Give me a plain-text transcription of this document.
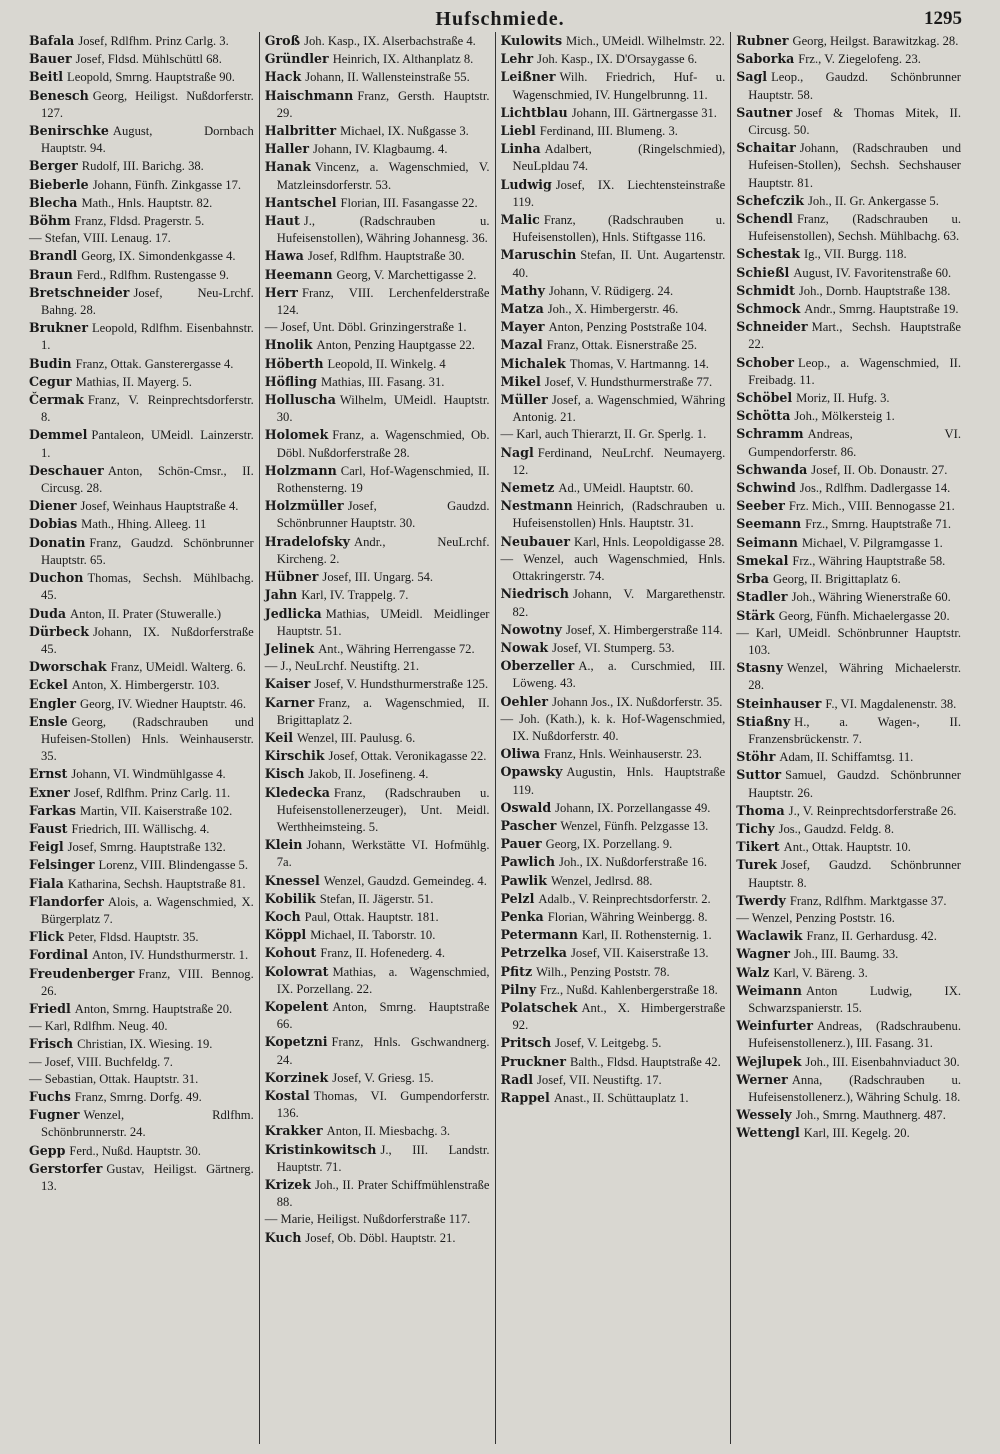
Hufschmiede.	1295
Bafala Josef, Rdlfhm. Prinz Carlg. 3.
Bauer Josef, Fldsd. Mühlschüttl 68.
Beitl Leopold, Smrng. Hauptstraße 90.
Benesch Georg, Heiligst. Nußdorferstr. 127.
Benirschke August, Dornbach Hauptstr. 94.
Berger Rudolf, III. Barichg. 38.
Bieberle Johann, Fünfh. Zinkgasse 17.
Blecha Math., Hnls. Hauptstr. 82.
Böhm Franz, Fldsd. Pragerstr. 5.
— Stefan, VIII. Lenaug. 17.
Brandl Georg, IX. Simondenkgasse 4.
Braun Ferd., Rdlfhm. Rustengasse 9.
Bretschneider Josef, Neu-Lrchf. Bahng. 28.
Brukner Leopold, Rdlfhm. Eisenbahnstr. 1.
Budin Franz, Ottak. Gansterergasse 4.
Cegur Mathias, II. Mayerg. 5.
Čermak Franz, V. Reinprechtsdorferstr. 8.
Demmel Pantaleon, UMeidl. Lainzerstr. 1.
Deschauer Anton, Schön-Cmsr., II. Circusg. 28.
Diener Josef, Weinhaus Hauptstraße 4.
Dobias Math., Hhing. Alleeg. 11
Donatin Franz, Gaudzd. Schönbrunner Hauptstr. 65.
Duchon Thomas, Sechsh. Mühlbachg. 45.
Duda Anton, II. Prater (Stuweralle.)
Dürbeck Johann, IX. Nußdorferstraße 45.
Dworschak Franz, UMeidl. Walterg. 6.
Eckel Anton, X. Himbergerstr. 103.
Engler Georg, IV. Wiedner Hauptstr. 46.
Ensle Georg, (Radschrauben und Hufeisen-Stollen) Hnls. Weinhauserstr. 35.
Ernst Johann, VI. Windmühlgasse 4.
Exner Josef, Rdlfhm. Prinz Carlg. 11.
Farkas Martin, VII. Kaiserstraße 102.
Faust Friedrich, III. Wällischg. 4.
Feigl Josef, Smrng. Hauptstraße 132.
Felsinger Lorenz, VIII. Blindengasse 5.
Fiala Katharina, Sechsh. Hauptstraße 81.
Flandorfer Alois, a. Wagenschmied, X. Bürgerplatz 7.
Flick Peter, Fldsd. Hauptstr. 35.
Fordinal Anton, IV. Hundsthurmerstr. 1.
Freudenberger Franz, VIII. Bennog. 26.
Friedl Anton, Smrng. Hauptstraße 20.
— Karl, Rdlfhm. Neug. 40.
Frisch Christian, IX. Wiesing. 19.
— Josef, VIII. Buchfeldg. 7.
— Sebastian, Ottak. Hauptstr. 31.
Fuchs Franz, Smrng. Dorfg. 49.
Fugner Wenzel, Rdlfhm. Schönbrunnerstr. 24.
Gepp Ferd., Nußd. Hauptstr. 30.
Gerstorfer Gustav, Heiligst. Gärtnerg. 13.
Groß Joh. Kasp., IX. Alserbachstraße 4.
Gründler Heinrich, IX. Althanplatz 8.
Hack Johann, II. Wallensteinstraße 55.
Haischmann Franz, Gersth. Hauptstr. 29.
Halbritter Michael, IX. Nußgasse 3.
Haller Johann, IV. Klagbaumg. 4.
Hanak Vincenz, a. Wagenschmied, V. Matzleinsdorferstr. 53.
Hantschel Florian, III. Fasangasse 22.
Haut J., (Radschrauben u. Hufeisenstollen), Währing Johannesg. 36.
Hawa Josef, Rdlfhm. Hauptstraße 30.
Heemann Georg, V. Marchettigasse 2.
Herr Franz, VIII. Lerchenfelderstraße 124.
— Josef, Unt. Döbl. Grinzingerstraße 1.
Hnolik Anton, Penzing Hauptgasse 22.
Höberth Leopold, II. Winkelg. 4
Höfling Mathias, III. Fasang. 31.
Holluscha Wilhelm, UMeidl. Hauptstr. 30.
Holomek Franz, a. Wagenschmied, Ob. Döbl. Nußdorferstraße 28.
Holzmann Carl, Hof-Wagenschmied, II. Rothensterng. 19
Holzmüller Josef, Gaudzd. Schönbrunner Hauptstr. 30.
Hradelofsky Andr., NeuLrchf. Kircheng. 2.
Hübner Josef, III. Ungarg. 54.
Jahn Karl, IV. Trappelg. 7.
Jedlicka Mathias, UMeidl. Meidlinger Hauptstr. 51.
Jelinek Ant., Währing Herrengasse 72.
— J., NeuLrchf. Neustiftg. 21.
Kaiser Josef, V. Hundsthurmerstraße 125.
Karner Franz, a. Wagenschmied, II. Brigittaplatz 2.
Keil Wenzel, III. Paulusg. 6.
Kirschik Josef, Ottak. Veronikagasse 22.
Kisch Jakob, II. Josefineng. 4.
Kledecka Franz, (Radschrauben u. Hufeisenstollenerzeuger), Unt. Meidl. Werthheimsteing. 5.
Klein Johann, Werkstätte VI. Hofmühlg. 7a.
Knessel Wenzel, Gaudzd. Gemeindeg. 4.
Kobilik Stefan, II. Jägerstr. 51.
Koch Paul, Ottak. Hauptstr. 181.
Köppl Michael, II. Taborstr. 10.
Kohout Franz, II. Hofenederg. 4.
Kolowrat Mathias, a. Wagenschmied, IX. Porzellang. 22.
Kopelent Anton, Smrng. Hauptstraße 66.
Kopetzni Franz, Hnls. Gschwandnerg. 24.
Korzinek Josef, V. Griesg. 15.
Kostal Thomas, VI. Gumpendorferstr. 136.
Krakker Anton, II. Miesbachg. 3.
Kristinkowitsch J., III. Landstr. Hauptstr. 71.
Krizek Joh., II. Prater Schiffmühlenstraße 88.
— Marie, Heiligst. Nußdorferstraße 117.
Kuch Josef, Ob. Döbl. Hauptstr. 21.
Kulowits Mich., UMeidl. Wilhelmstr. 22.
Lehr Joh. Kasp., IX. D'Orsaygasse 6.
Leißner Wilh. Friedrich, Huf- u. Wagenschmied, IV. Hungelbrunng. 11.
Lichtblau Johann, III. Gärtnergasse 31.
Liebl Ferdinand, III. Blumeng. 3.
Linha Adalbert, (Ringelschmied), NeuLpldau 74.
Ludwig Josef, IX. Liechtensteinstraße 119.
Malic Franz, (Radschrauben u. Hufeisenstollen), Hnls. Stiftgasse 116.
Maruschin Stefan, II. Unt. Augartenstr. 40.
Mathy Johann, V. Rüdigerg. 24.
Matza Joh., X. Himbergerstr. 46.
Mayer Anton, Penzing Poststraße 104.
Mazal Franz, Ottak. Eisnerstraße 25.
Michalek Thomas, V. Hartmanng. 14.
Mikel Josef, V. Hundsthurmerstraße 77.
Müller Josef, a. Wagenschmied, Währing Antonig. 21.
— Karl, auch Thierarzt, II. Gr. Sperlg. 1.
Nagl Ferdinand, NeuLrchf. Neumayerg. 12.
Nemetz Ad., UMeidl. Hauptstr. 60.
Nestmann Heinrich, (Radschrauben u. Hufeisenstollen) Hnls. Hauptstr. 31.
Neubauer Karl, Hnls. Leopoldigasse 28.
— Wenzel, auch Wagenschmied, Hnls. Ottakringerstr. 74.
Niedrisch Johann, V. Margarethenstr. 82.
Nowotny Josef, X. Himbergerstraße 114.
Nowak Josef, VI. Stumperg. 53.
Oberzeller A., a. Curschmied, III. Löweng. 43.
Oehler Johann Jos., IX. Nußdorferstr. 35.
— Joh. (Kath.), k. k. Hof-Wagenschmied, IX. Nußdorferstr. 40.
Oliwa Franz, Hnls. Weinhauserstr. 23.
Opawsky Augustin, Hnls. Hauptstraße 119.
Oswald Johann, IX. Porzellangasse 49.
Pascher Wenzel, Fünfh. Pelzgasse 13.
Pauer Georg, IX. Porzellang. 9.
Pawlich Joh., IX. Nußdorferstraße 16.
Pawlik Wenzel, Jedlrsd. 88.
Pelzl Adalb., V. Reinprechtsdorferstr. 2.
Penka Florian, Währing Weinbergg. 8.
Petermann Karl, II. Rothensternig. 1.
Petrzelka Josef, VII. Kaiserstraße 13.
Pfitz Wilh., Penzing Poststr. 78.
Pilny Frz., Nußd. Kahlenbergerstraße 18.
Polatschek Ant., X. Himbergerstraße 92.
Pritsch Josef, V. Leitgebg. 5.
Pruckner Balth., Fldsd. Hauptstraße 42.
Radl Josef, VII. Neustiftg. 17.
Rappel Anast., II. Schüttauplatz 1.
Rubner Georg, Heilgst. Barawitzkag. 28.
Saborka Frz., V. Ziegelofeng. 23.
Sagl Leop., Gaudzd. Schönbrunner Hauptstr. 58.
Sautner Josef & Thomas Mitek, II. Circusg. 50.
Schaitar Johann, (Radschrauben und Hufeisen-Stollen), Sechsh. Sechshauser Hauptstr. 81.
Schefczik Joh., II. Gr. Ankergasse 5.
Schendl Franz, (Radschrauben u. Hufeisenstollen), Sechsh. Mühlbachg. 63.
Schestak Ig., VII. Burgg. 118.
Schießl August, IV. Favoritenstraße 60.
Schmidt Joh., Dornb. Hauptstraße 138.
Schmock Andr., Smrng. Hauptstraße 19.
Schneider Mart., Sechsh. Hauptstraße 22.
Schober Leop., a. Wagenschmied, II. Freibadg. 11.
Schöbel Moriz, II. Hufg. 3.
Schötta Joh., Mölkersteig 1.
Schramm Andreas, VI. Gumpendorferstr. 86.
Schwanda Josef, II. Ob. Donaustr. 27.
Schwind Jos., Rdlfhm. Dadlergasse 14.
Seeber Frz. Mich., VIII. Bennogasse 21.
Seemann Frz., Smrng. Hauptstraße 71.
Seimann Michael, V. Pilgramgasse 1.
Smekal Frz., Währing Hauptstraße 58.
Srba Georg, II. Brigittaplatz 6.
Stadler Joh., Währing Wienerstraße 60.
Stärk Georg, Fünfh. Michaelergasse 20.
— Karl, UMeidl. Schönbrunner Hauptstr. 103.
Stasny Wenzel, Währing Michaelerstr. 28.
Steinhauser F., VI. Magdalenenstr. 38.
Stiaßny H., a. Wagen-, II. Franzensbrückenstr. 7.
Stöhr Adam, II. Schiffamtsg. 11.
Suttor Samuel, Gaudzd. Schönbrunner Hauptstr. 26.
Thoma J., V. Reinprechtsdorferstraße 26.
Tichy Jos., Gaudzd. Feldg. 8.
Tikert Ant., Ottak. Hauptstr. 10.
Turek Josef, Gaudzd. Schönbrunner Hauptstr. 8.
Twerdy Franz, Rdlfhm. Marktgasse 37.
— Wenzel, Penzing Poststr. 16.
Waclawik Franz, II. Gerhardusg. 42.
Wagner Joh., III. Baumg. 33.
Walz Karl, V. Bäreng. 3.
Weimann Anton Ludwig, IX. Schwarzspanierstr. 15.
Weinfurter Andreas, (Radschraubenu. Hufeisenstollenerz.), III. Fasang. 31.
Wejlupek Joh., III. Eisenbahnviaduct 30.
Werner Anna, (Radschrauben u. Hufeisenstollenerz.), Währing Schulg. 18.
Wessely Joh., Smrng. Mauthnerg. 487.
Wettengl Karl, III. Kegelg. 20.
